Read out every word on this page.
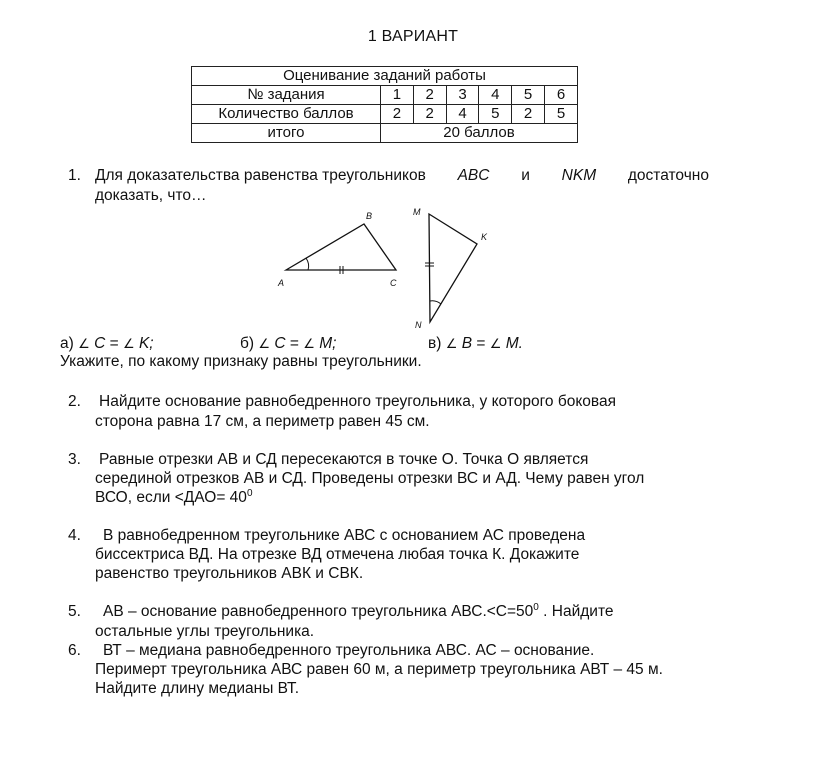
1 ВАРИАНТ
Оценивание заданий работы						
№ задания	1	2	3	4	5	6
Количество баллов	2	2	4	5	2	5
итого	20 баллов					
1. Для доказательства равенства треугольников ABC и NKM достаточно
доказать, что…
A
B
C
M
K
N
а) ∠ C = ∠ K;	б) ∠ C = ∠ M;	в) ∠ B = ∠ M.
Укажите, по какому признаку равны треугольники.
2. Найдите основание равнобедренного треугольника, у которого боковая
сторона равна 17 см, а периметр равен 45 см.
3. Равные отрезки АВ и СД пересекаются в точке О. Точка О является
серединой отрезков АВ и СД. Проведены отрезки ВС и АД. Чему равен угол
ВСО, если $<ДАО= 40^0$
4. В равнобедренном треугольнике АВС с основанием АС проведена
биссектриса ВД. На отрезке ВД отмечена любая точка К. Докажите
равенство треугольников АВК и СВК.
5. АВ – основание равнобедренного треугольника $АВС.<С=50^0$ . Найдите
остальные углы треугольника.
6. ВТ – медиана равнобедренного треугольника АВС. АС – основание.
Перимерт треугольника АВС равен 60 м, а периметр треугольника АВТ – 45 м.
Найдите длину медианы ВТ.
